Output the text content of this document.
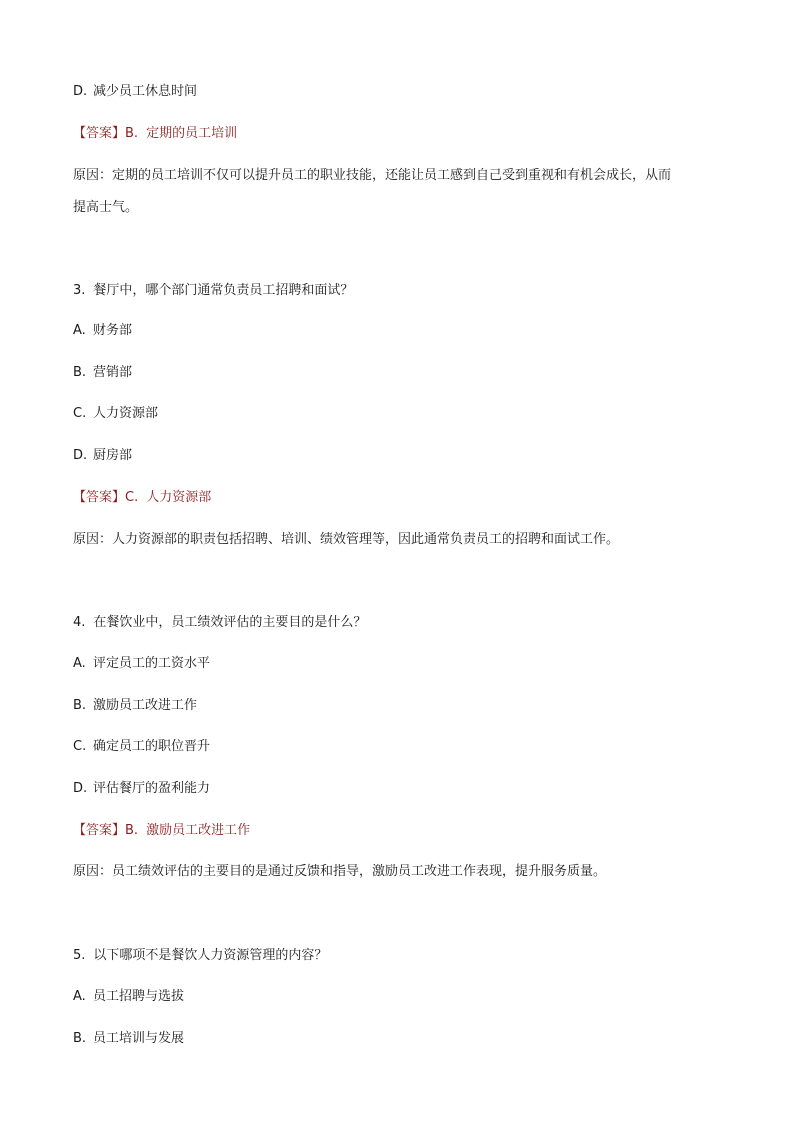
D. 减少员工休息时间
【答案】B. 定期的员工培训
原因：定期的员工培训不仅可以提升员工的职业技能，还能让员工感到自己受到重视和有机会成长，从而
提高士气。
3. 餐厅中，哪个部门通常负责员工招聘和面试？
A. 财务部
B. 营销部
C. 人力资源部
D. 厨房部
【答案】C. 人力资源部
原因：人力资源部的职责包括招聘、培训、绩效管理等，因此通常负责员工的招聘和面试工作。
4. 在餐饮业中，员工绩效评估的主要目的是什么？
A. 评定员工的工资水平
B. 激励员工改进工作
C. 确定员工的职位晋升
D. 评估餐厅的盈利能力
【答案】B. 激励员工改进工作
原因：员工绩效评估的主要目的是通过反馈和指导，激励员工改进工作表现，提升服务质量。
5. 以下哪项不是餐饮人力资源管理的内容？
A. 员工招聘与选拔
B. 员工培训与发展
